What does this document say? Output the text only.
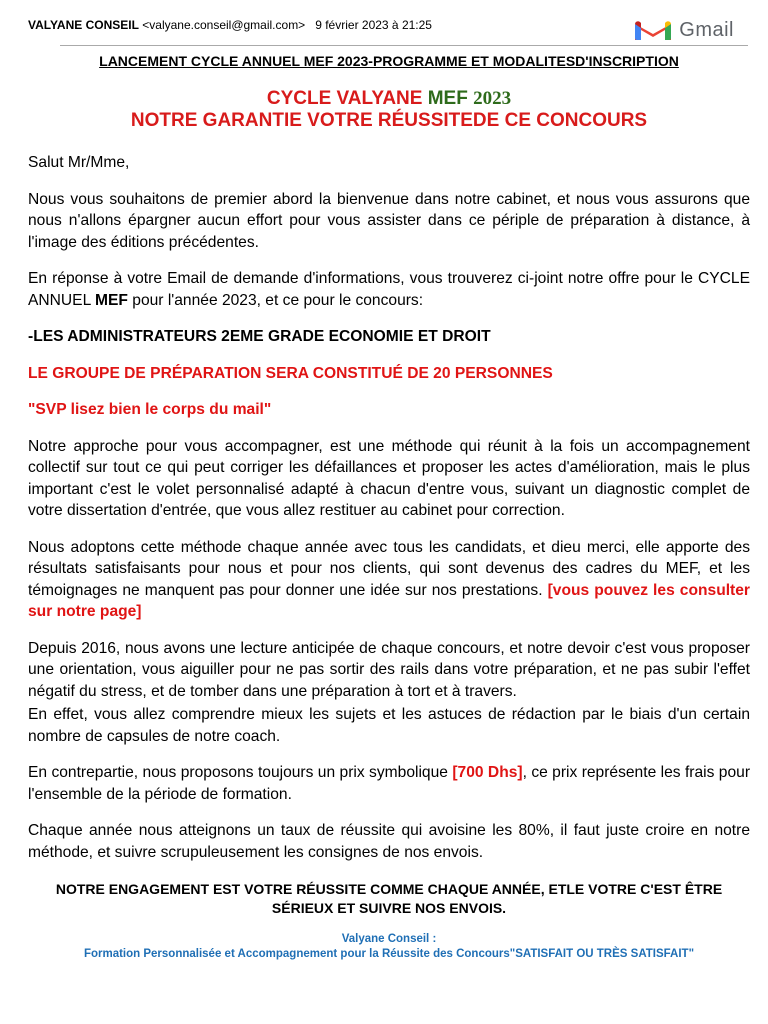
VALYANE CONSEIL <valyane.conseil@gmail.com> 9 février 2023 à 21:25	Gmail
LANCEMENT CYCLE ANNUEL MEF 2023-PROGRAMME ET MODALITESD'INSCRIPTION
CYCLE VALYANE MEF 2023
NOTRE GARANTIE VOTRE RÉUSSITEDE CE CONCOURS

Salut Mr/Mme,

Nous vous souhaitons de premier abord la bienvenue dans notre cabinet, et nous vous assurons que nous n'allons épargner aucun effort pour vous assister dans ce périple de préparation à distance, à l'image des éditions précédentes.

En réponse à votre Email de demande d'informations, vous trouverez ci-joint notre offre pour le CYCLE ANNUEL MEF pour l'année 2023, et ce pour le concours:

-LES ADMINISTRATEURS 2EME GRADE ECONOMIE ET DROIT

LE GROUPE DE PRÉPARATION SERA CONSTITUÉ DE 20 PERSONNES

"SVP lisez bien le corps du mail"

Notre approche pour vous accompagner, est une méthode qui réunit à la fois un accompagnement collectif sur tout ce qui peut corriger les défaillances et proposer les actes d'amélioration, mais le plus important c'est le volet personnalisé adapté à chacun d'entre vous, suivant un diagnostic complet de votre dissertation d'entrée, que vous allez restituer au cabinet pour correction.

Nous adoptons cette méthode chaque année avec tous les candidats, et dieu merci, elle apporte des résultats satisfaisants pour nous et pour nos clients, qui sont devenus des cadres du MEF, et les témoignages ne manquent pas pour donner une idée sur nos prestations. [vous pouvez les consulter sur notre page]

Depuis 2016, nous avons une lecture anticipée de chaque concours, et notre devoir c'est vous proposer une orientation, vous aiguiller pour ne pas sortir des rails dans votre préparation, et ne pas subir l'effet négatif du stress, et de tomber dans une préparation à tort et à travers.

En effet, vous allez comprendre mieux les sujets et les astuces de rédaction par le biais d'un certain nombre de capsules de notre coach.

En contrepartie, nous proposons toujours un prix symbolique [700 Dhs], ce prix représente les frais pour l'ensemble de la période de formation.

Chaque année nous atteignons un taux de réussite qui avoisine les 80%, il faut juste croire en notre méthode, et suivre scrupuleusement les consignes de nos envois.

NOTRE ENGAGEMENT EST VOTRE RÉUSSITE COMME CHAQUE ANNÉE, ETLE VOTRE C'EST ÊTRE SÉRIEUX ET SUIVRE NOS ENVOIS.
Valyane Conseil :
Formation Personnalisée et Accompagnement pour la Réussite des Concours"SATISFAIT OU TRÈS SATISFAIT"
